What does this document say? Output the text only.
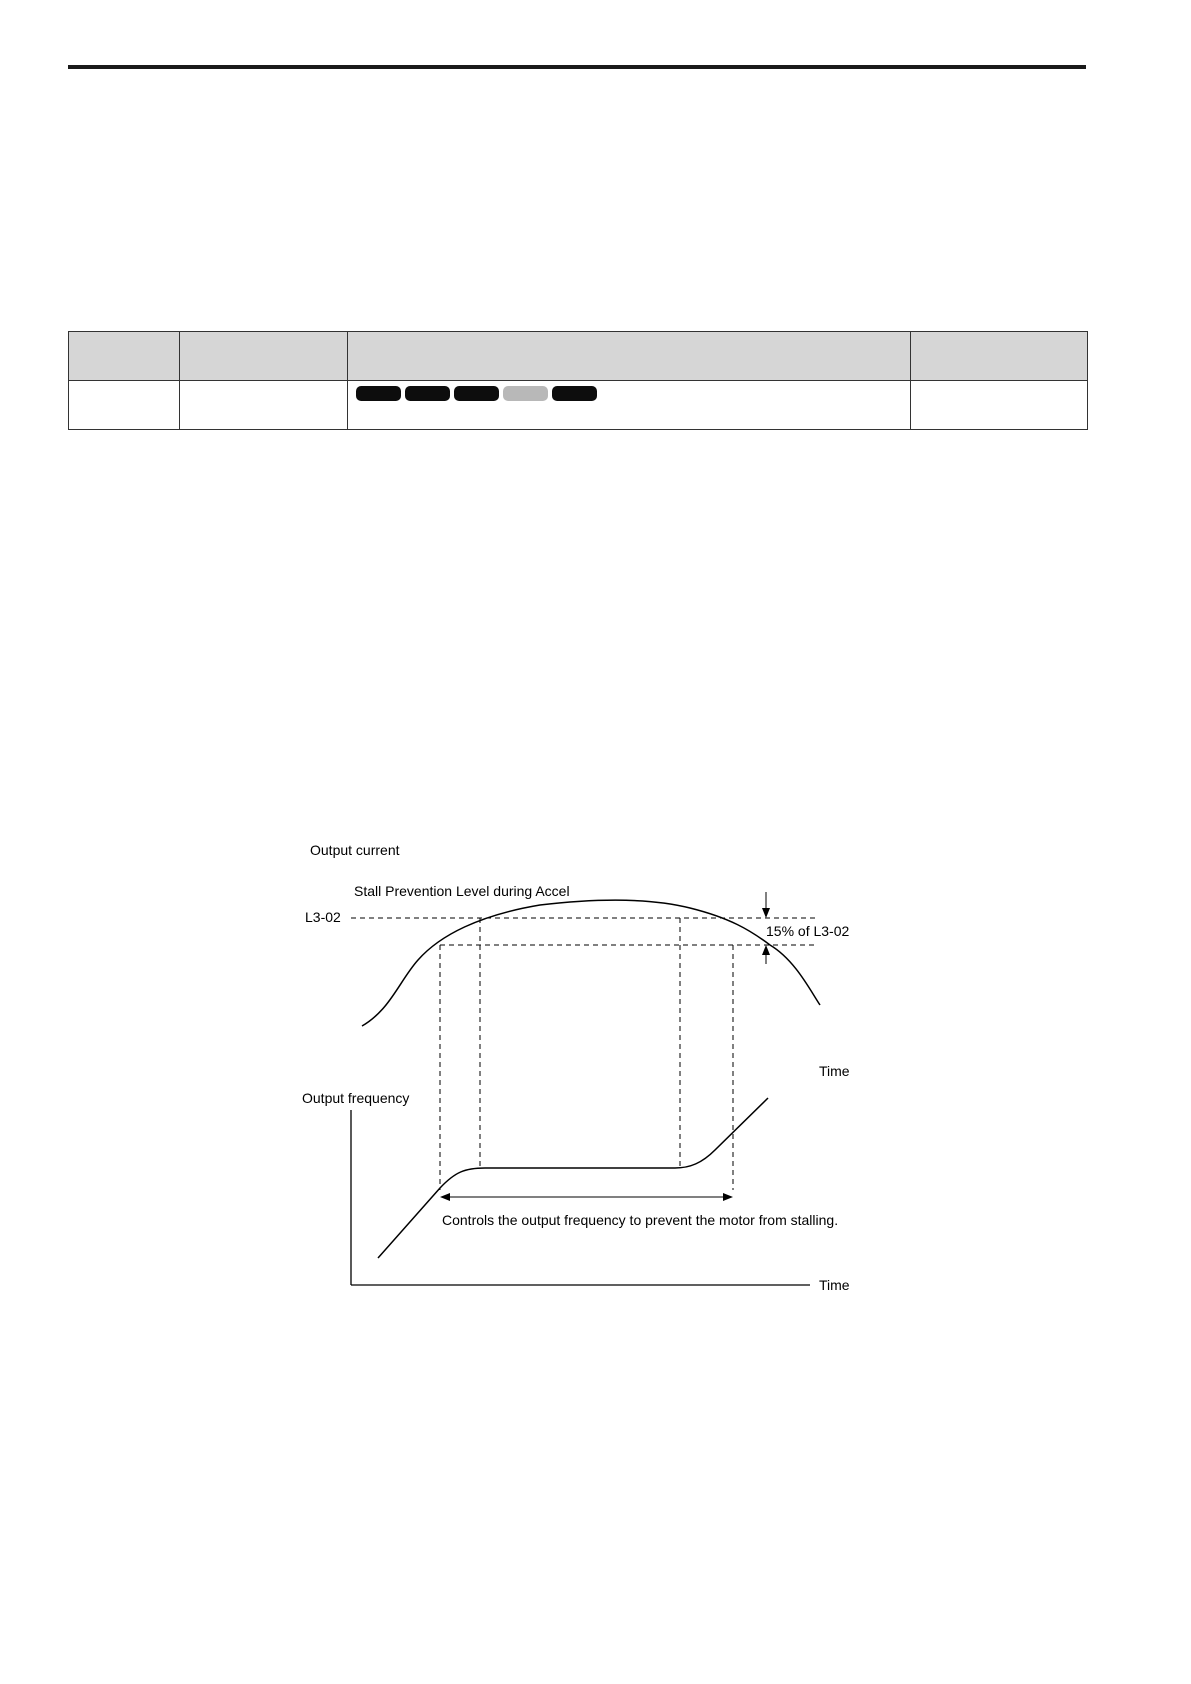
Output current
Stall Prevention Level during Accel
L3-02
15% of L3-02
Time
Output frequency
Controls the output frequency to prevent the motor from stalling.
Time
